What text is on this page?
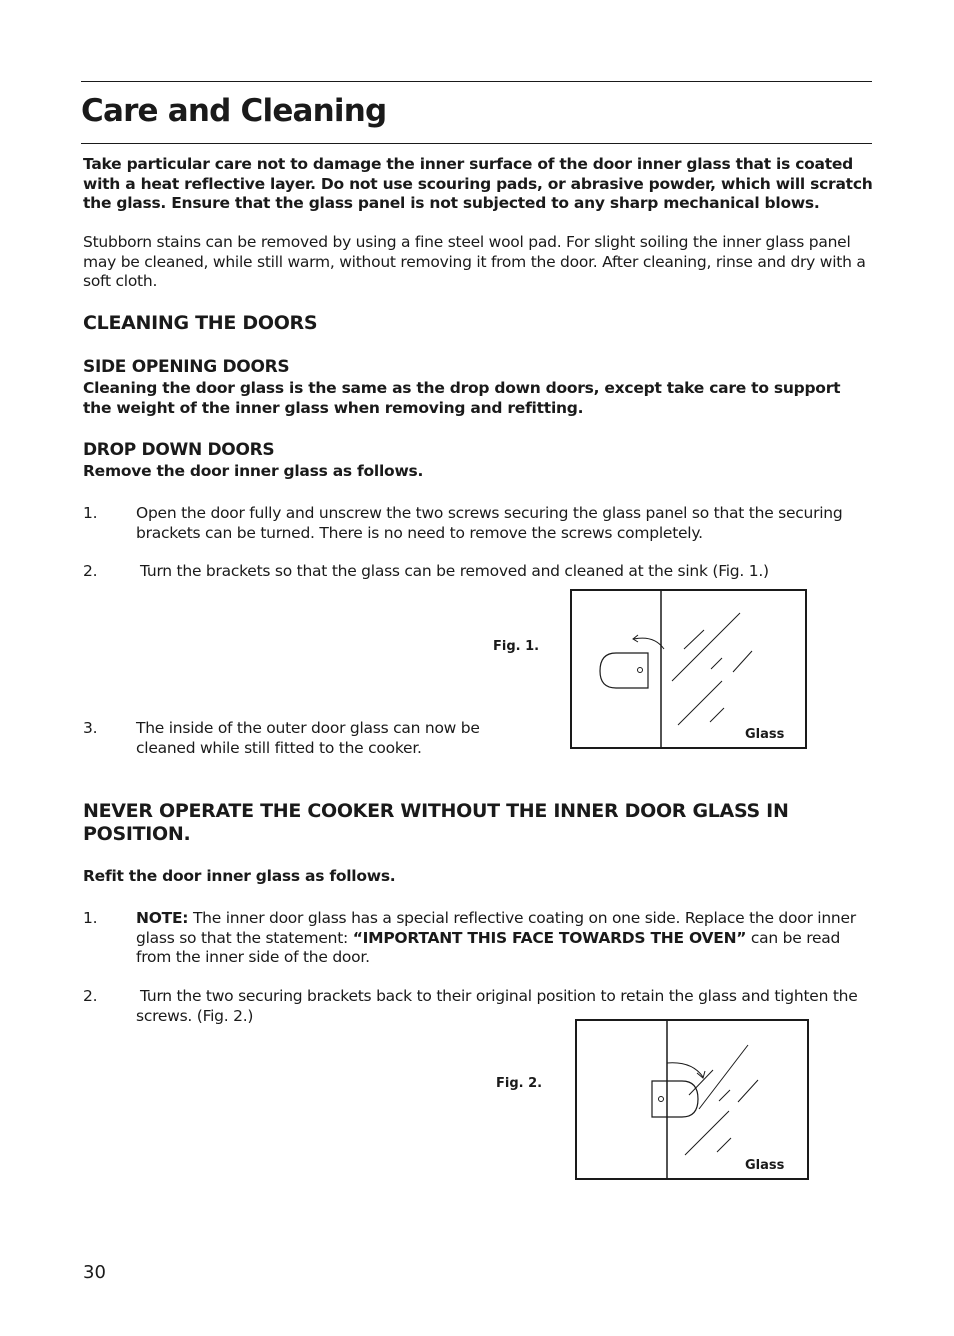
Care and Cleaning
Take particular care not to damage the inner surface of the door inner glass that is coated with a heat reflective layer. Do not use scouring pads, or abrasive powder, which will scratch the glass. Ensure that the glass panel is not subjected to any sharp mechanical blows.
Stubborn stains can be removed by using a fine steel wool pad. For slight soiling the inner glass panel may be cleaned, while still warm, without removing it from the door. After cleaning, rinse and dry with a soft cloth.
CLEANING THE DOORS
SIDE OPENING DOORS
Cleaning the door glass is the same as the drop down doors, except take care to support the weight of the inner glass when removing and refitting.
DROP DOWN DOORS
Remove the door inner glass as follows.
1. Open the door fully and unscrew the two screws securing the glass panel so that the securing brackets can be turned. There is no need to remove the screws completely.
2.	Turn the brackets so that the glass can be removed and cleaned at the sink (Fig. 1.)
Fig. 1.
Glass
3. The inside of the outer door glass can now be cleaned while still fitted to the cooker.
NEVER OPERATE THE COOKER WITHOUT THE INNER DOOR GLASS IN POSITION.
Refit the door inner glass as follows.
1. NOTE: The inner door glass has a special reflective coating on one side. Replace the door inner glass so that the statement: “IMPORTANT THIS FACE TOWARDS THE OVEN” can be read from the inner side of the door.
2.	Turn the two securing brackets back to their original position to retain the glass and tighten the screws. (Fig. 2.)
Fig. 2.
Glass
30
